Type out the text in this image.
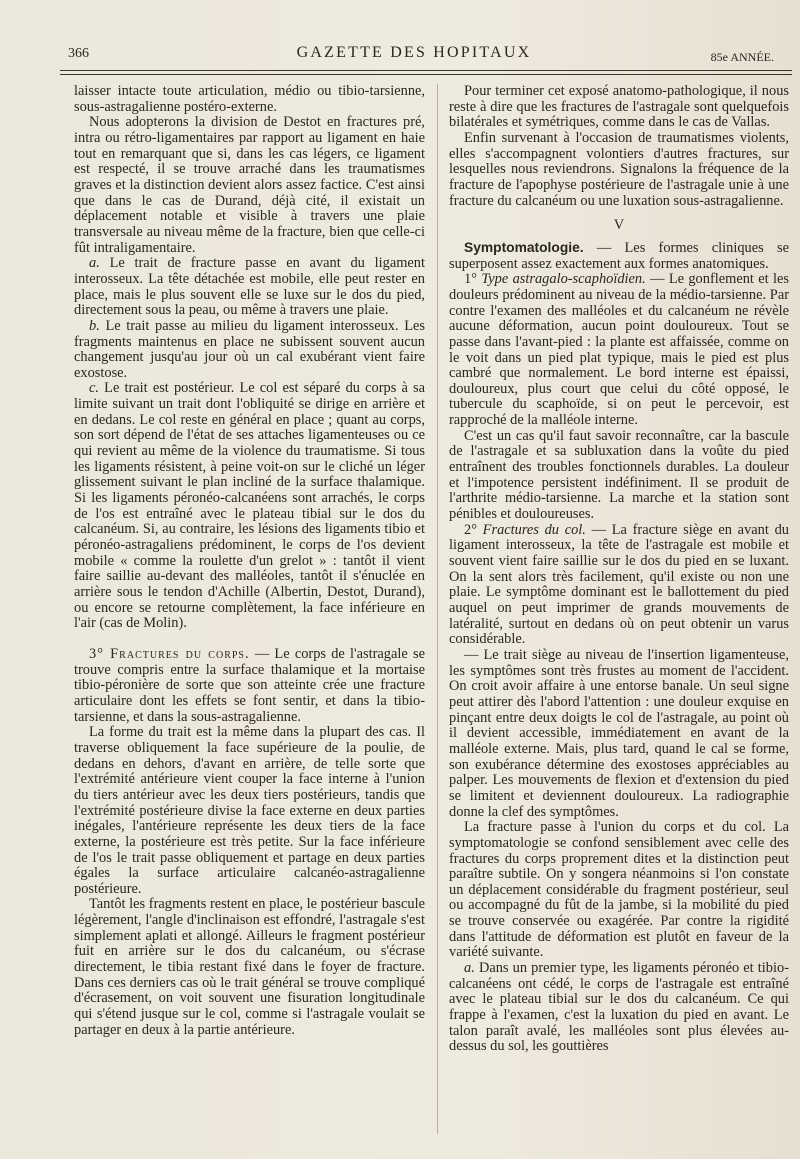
366	GAZETTE DES HOPITAUX	85e ANNÉE.

laisser intacte toute articulation, médio ou tibio-tarsienne, sous-astragalienne postéro-externe.

Nous adopterons la division de Destot en fractures pré, intra ou rétro-ligamentaires par rapport au ligament en haie tout en remarquant que si, dans les cas légers, ce ligament est respecté, il se trouve arraché dans les traumatismes graves et la distinction devient alors assez factice. C'est ainsi que dans le cas de Durand, déjà cité, il existait un déplacement notable et visible à travers une plaie transversale au niveau même de la fracture, bien que celle-ci fût intraligamentaire.

a. Le trait de fracture passe en avant du ligament interosseux. La tête détachée est mobile, elle peut rester en place, mais le plus souvent elle se luxe sur le dos du pied, directement sous la peau, ou même à travers une plaie.

b. Le trait passe au milieu du ligament interosseux. Les fragments maintenus en place ne subissent souvent aucun changement jusqu'au jour où un cal exubérant vient faire exostose.

c. Le trait est postérieur. Le col est séparé du corps à sa limite suivant un trait dont l'obliquité se dirige en arrière et en dedans. Le col reste en général en place ; quant au corps, son sort dépend de l'état de ses attaches ligamenteuses ou ce qui revient au même de la violence du traumatisme. Si tous les ligaments résistent, à peine voit-on sur le cliché un léger glissement suivant le plan incliné de la surface thalamique. Si les ligaments péronéo-calcanéens sont arrachés, le corps de l'os est entraîné avec le plateau tibial sur le dos du calcanéum. Si, au contraire, les lésions des ligaments tibio et péronéo-astragaliens prédominent, le corps de l'os devient mobile « comme la roulette d'un grelot » : tantôt il vient faire saillie au-devant des malléoles, tantôt il s'énuclée en arrière sous le tendon d'Achille (Albertin, Destot, Durand), ou encore se retourne complètement, la face inférieure en l'air (cas de Molin).

3° Fractures du corps. — Le corps de l'astragale se trouve compris entre la surface thalamique et la mortaise tibio-péronière de sorte que son atteinte crée une fracture articulaire dont les effets se font sentir, et dans la tibio-tarsienne, et dans la sous-astragalienne.

La forme du trait est la même dans la plupart des cas. Il traverse obliquement la face supérieure de la poulie, de dedans en dehors, d'avant en arrière, de telle sorte que l'extrémité antérieure vient couper la face interne à l'union du tiers antérieur avec les deux tiers postérieurs, tandis que l'extrémité postérieure divise la face externe en deux parties inégales, l'antérieure représente les deux tiers de la face externe, la postérieure est très petite. Sur la face inférieure de l'os le trait passe obliquement et partage en deux parties égales la surface articulaire calcanéo-astragalienne postérieure.

Tantôt les fragments restent en place, le postérieur bascule légèrement, l'angle d'inclinaison est effondré, l'astragale s'est simplement aplati et allongé. Ailleurs le fragment postérieur fuit en arrière sur le dos du calcanéum, ou s'écrase directement, le tibia restant fixé dans le foyer de fracture. Dans ces derniers cas où le trait général se trouve compliqué d'écrasement, on voit souvent une fisuration longitudinale qui s'étend jusque sur le col, comme si l'astragale voulait se partager en deux à la partie antérieure.

Pour terminer cet exposé anatomo-pathologique, il nous reste à dire que les fractures de l'astragale sont quelquefois bilatérales et symétriques, comme dans le cas de Vallas.

Enfin survenant à l'occasion de traumatismes violents, elles s'accompagnent volontiers d'autres fractures, sur lesquelles nous reviendrons. Signalons la fréquence de la fracture de l'apophyse postérieure de l'astragale unie à une fracture du calcanéum ou une luxation sous-astragalienne.

V

Symptomatologie. — Les formes cliniques se superposent assez exactement aux formes anatomiques.

1° Type astragalo-scaphoïdien. — Le gonflement et les douleurs prédominent au niveau de la médio-tarsienne. Par contre l'examen des malléoles et du calcanéum ne révèle aucune déformation, aucun point douloureux. Tout se passe dans l'avant-pied : la plante est affaissée, comme on le voit dans un pied plat typique, mais le pied est plus cambré que normalement. Le bord interne est épaissi, douloureux, plus court que celui du côté opposé, le tubercule du scaphoïde, si on peut le percevoir, est rapproché de la malléole interne.

C'est un cas qu'il faut savoir reconnaître, car la bascule de l'astragale et sa subluxation dans la voûte du pied entraînent des troubles fonctionnels durables. La douleur et l'impotence persistent indéfiniment. Il se produit de l'arthrite médio-tarsienne. La marche et la station sont pénibles et douloureuses.

2° Fractures du col. — La fracture siège en avant du ligament interosseux, la tête de l'astragale est mobile et souvent vient faire saillie sur le dos du pied en se luxant. On la sent alors très facilement, qu'il existe ou non une plaie. Le symptôme dominant est le ballottement du pied auquel on peut imprimer de grands mouvements de latéralité, surtout en dedans où on peut obtenir un varus considérable.

— Le trait siège au niveau de l'insertion ligamenteuse, les symptômes sont très frustes au moment de l'accident. On croit avoir affaire à une entorse banale. Un seul signe peut attirer dès l'abord l'attention : une douleur exquise en pinçant entre deux doigts le col de l'astragale, au point où il devient accessible, immédiatement en avant de la malléole externe. Mais, plus tard, quand le cal se forme, son exubérance détermine des exostoses appréciables au palper. Les mouvements de flexion et d'extension du pied se limitent et deviennent douloureux. La radiographie donne la clef des symptômes.

La fracture passe à l'union du corps et du col. La symptomatologie se confond sensiblement avec celle des fractures du corps proprement dites et la distinction peut paraître subtile. On y songera néanmoins si l'on constate un déplacement considérable du fragment postérieur, seul ou accompagné du fût de la jambe, si la mobilité du pied se trouve conservée ou exagérée. Par contre la rigidité dans l'attitude de déformation est plutôt en faveur de la variété suivante.

a. Dans un premier type, les ligaments péronéo et tibio-calcanéens ont cédé, le corps de l'astragale est entraîné avec le plateau tibial sur le dos du calcanéum. Ce qui frappe à l'examen, c'est la luxation du pied en avant. Le talon paraît avalé, les malléoles sont plus élevées au-dessus du sol, les gouttières
